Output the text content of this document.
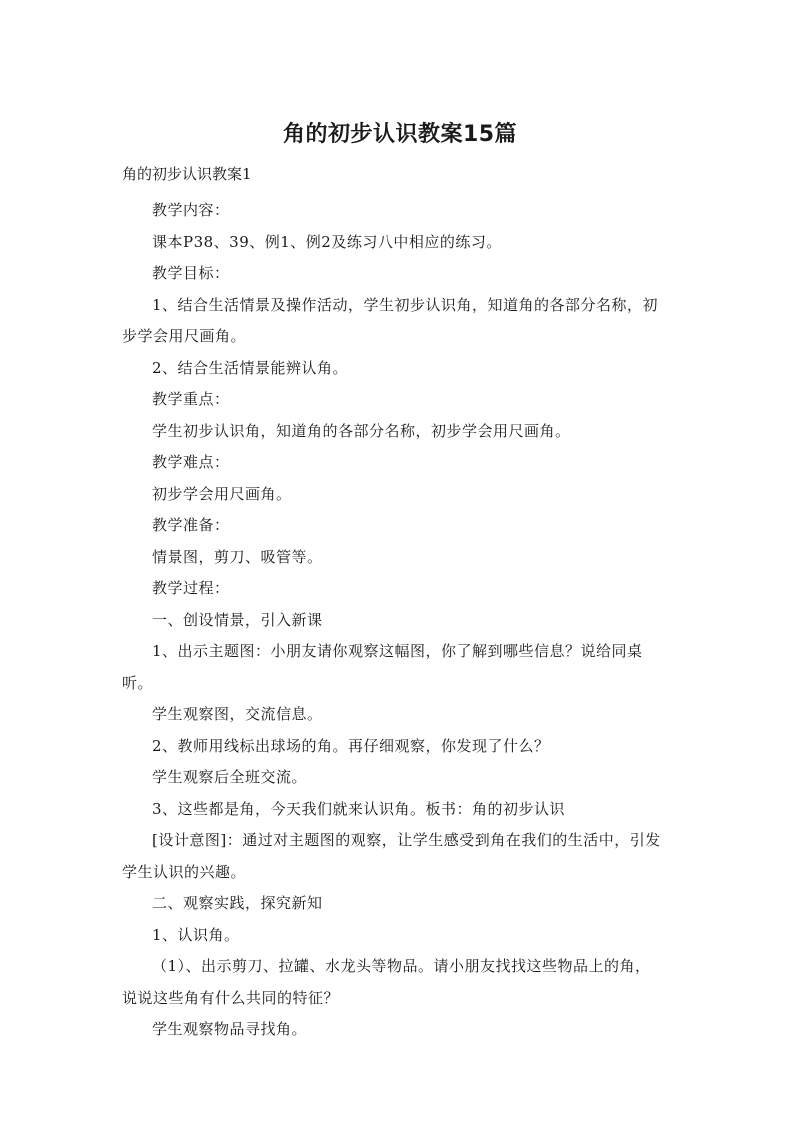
角的初步认识教案15篇
角的初步认识教案1

教学内容：

课本P38、39、例1、例2及练习八中相应的练习。

教学目标：

1、结合生活情景及操作活动，学生初步认识角，知道角的各部分名称，初步学会用尺画角。

2、结合生活情景能辨认角。

教学重点：

学生初步认识角，知道角的各部分名称，初步学会用尺画角。

教学难点：

初步学会用尺画角。

教学准备：

情景图，剪刀、吸管等。

教学过程：

一、创设情景，引入新课

1、出示主题图：小朋友请你观察这幅图，你了解到哪些信息？说给同桌听。

学生观察图，交流信息。

2、教师用线标出球场的角。再仔细观察，你发现了什么？

学生观察后全班交流。

3、这些都是角，今天我们就来认识角。板书：角的初步认识

[设计意图]：通过对主题图的观察，让学生感受到角在我们的生活中，引发学生认识的兴趣。

二、观察实践，探究新知

1、认识角。

（1）、出示剪刀、拉罐、水龙头等物品。请小朋友找找这些物品上的角，说说这些角有什么共同的特征？

学生观察物品寻找角。
